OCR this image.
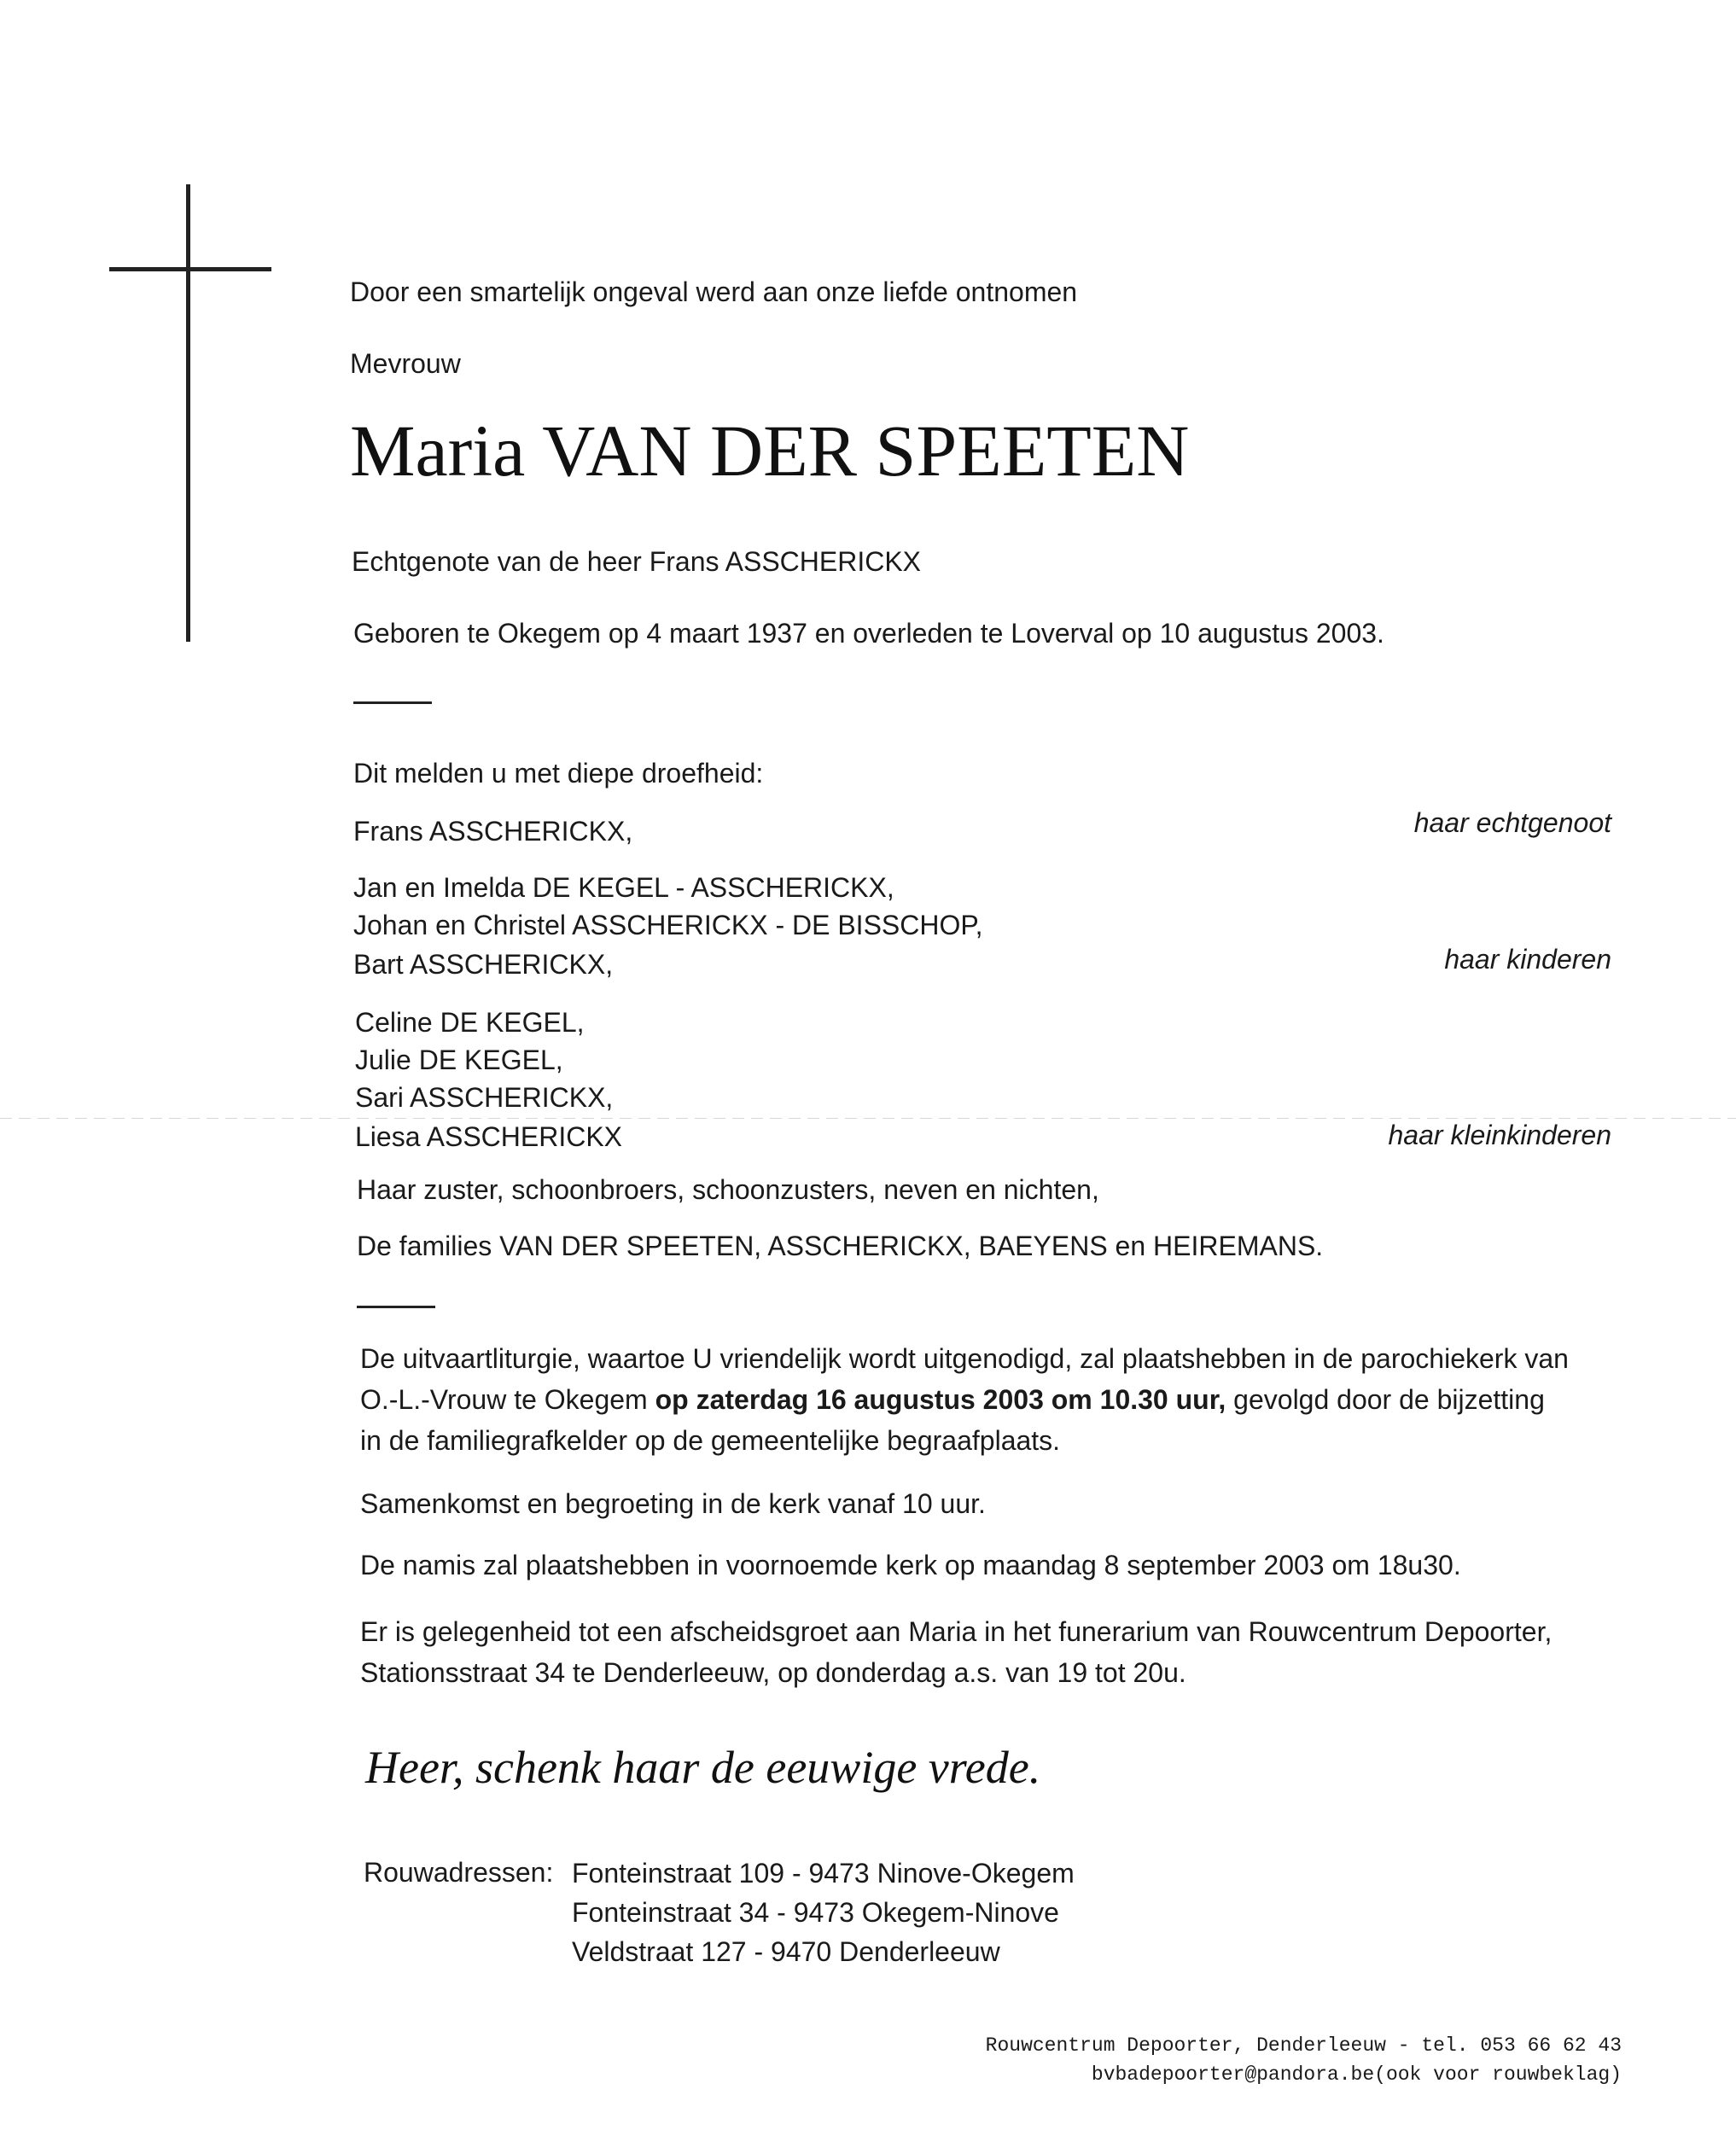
Door een smartelijk ongeval werd aan onze liefde ontnomen
Mevrouw
Maria VAN DER SPEETEN
Echtgenote van de heer Frans ASSCHERICKX
Geboren te Okegem op 4 maart 1937 en overleden te Loverval op 10 augustus 2003.
Dit melden u met diepe droefheid:
Frans ASSCHERICKX,	haar echtgenoot
Jan en Imelda DE KEGEL - ASSCHERICKX,
Johan en Christel ASSCHERICKX - DE BISSCHOP,
Bart ASSCHERICKX,	haar kinderen
Celine DE KEGEL,
Julie DE KEGEL,
Sari ASSCHERICKX,
Liesa ASSCHERICKX	haar kleinkinderen
Haar zuster, schoonbroers, schoonzusters, neven en nichten,
De families VAN DER SPEETEN, ASSCHERICKX, BAEYENS en HEIREMANS.
De uitvaartliturgie, waartoe U vriendelijk wordt uitgenodigd, zal plaatshebben in de parochiekerk van
O.-L.-Vrouw te Okegem op zaterdag 16 augustus 2003 om 10.30 uur, gevolgd door de bijzetting
in de familiegrafkelder op de gemeentelijke begraafplaats.
Samenkomst en begroeting in de kerk vanaf 10 uur.
De namis zal plaatshebben in voornoemde kerk op maandag 8 september 2003 om 18u30.
Er is gelegenheid tot een afscheidsgroet aan Maria in het funerarium van Rouwcentrum Depoorter,
Stationsstraat 34 te Denderleeuw, op donderdag a.s. van 19 tot 20u.
Heer, schenk haar de eeuwige vrede.
Rouwadressen: Fonteinstraat 109 - 9473 Ninove-Okegem
Fonteinstraat 34 - 9473 Okegem-Ninove
Veldstraat 127 - 9470 Denderleeuw
Rouwcentrum Depoorter, Denderleeuw - tel. 053 66 62 43
bvbadepoorter@pandora.be(ook voor rouwbeklag)
